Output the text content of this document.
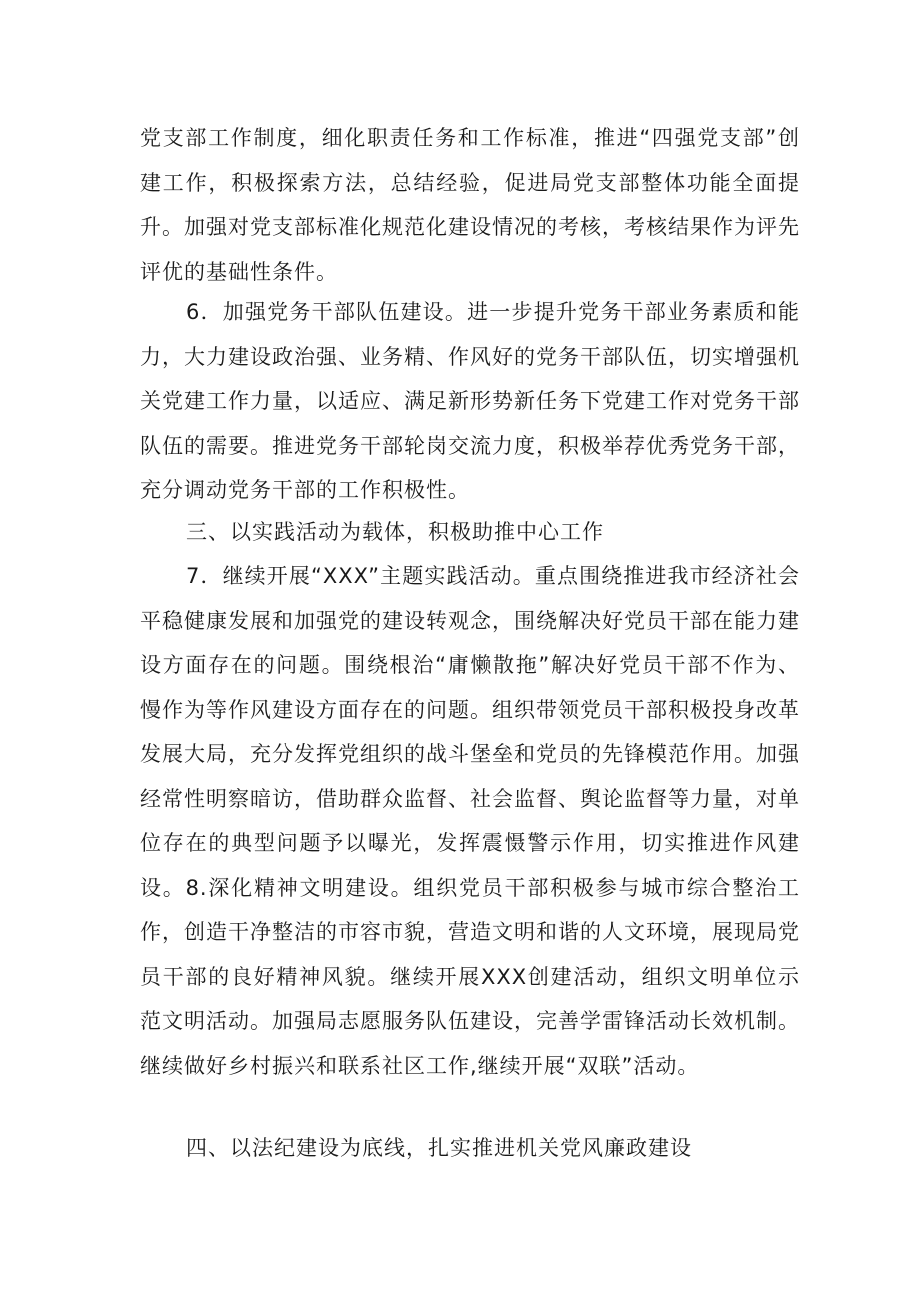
党支部工作制度，细化职责任务和工作标准，推进“四强党支部”创建工作，积极探索方法，总结经验，促进局党支部整体功能全面提升。加强对党支部标准化规范化建设情况的考核，考核结果作为评先评优的基础性条件。

6．加强党务干部队伍建设。进一步提升党务干部业务素质和能力，大力建设政治强、业务精、作风好的党务干部队伍，切实增强机关党建工作力量，以适应、满足新形势新任务下党建工作对党务干部队伍的需要。推进党务干部轮岗交流力度，积极举荐优秀党务干部，充分调动党务干部的工作积极性。

三、以实践活动为载体，积极助推中心工作

7．继续开展“XXX”主题实践活动。重点围绕推进我市经济社会平稳健康发展和加强党的建设转观念，围绕解决好党员干部在能力建设方面存在的问题。围绕根治“庸懒散拖”解决好党员干部不作为、慢作为等作风建设方面存在的问题。组织带领党员干部积极投身改革发展大局，充分发挥党组织的战斗堡垒和党员的先锋模范作用。加强经常性明察暗访，借助群众监督、社会监督、舆论监督等力量，对单位存在的典型问题予以曝光，发挥震慑警示作用，切实推进作风建设。8.深化精神文明建设。组织党员干部积极参与城市综合整治工作，创造干净整洁的市容市貌，营造文明和谐的人文环境，展现局党员干部的良好精神风貌。继续开展XXX创建活动，组织文明单位示范文明活动。加强局志愿服务队伍建设，完善学雷锋活动长效机制。继续做好乡村振兴和联系社区工作,继续开展“双联”活动。

四、以法纪建设为底线，扎实推进机关党风廉政建设
